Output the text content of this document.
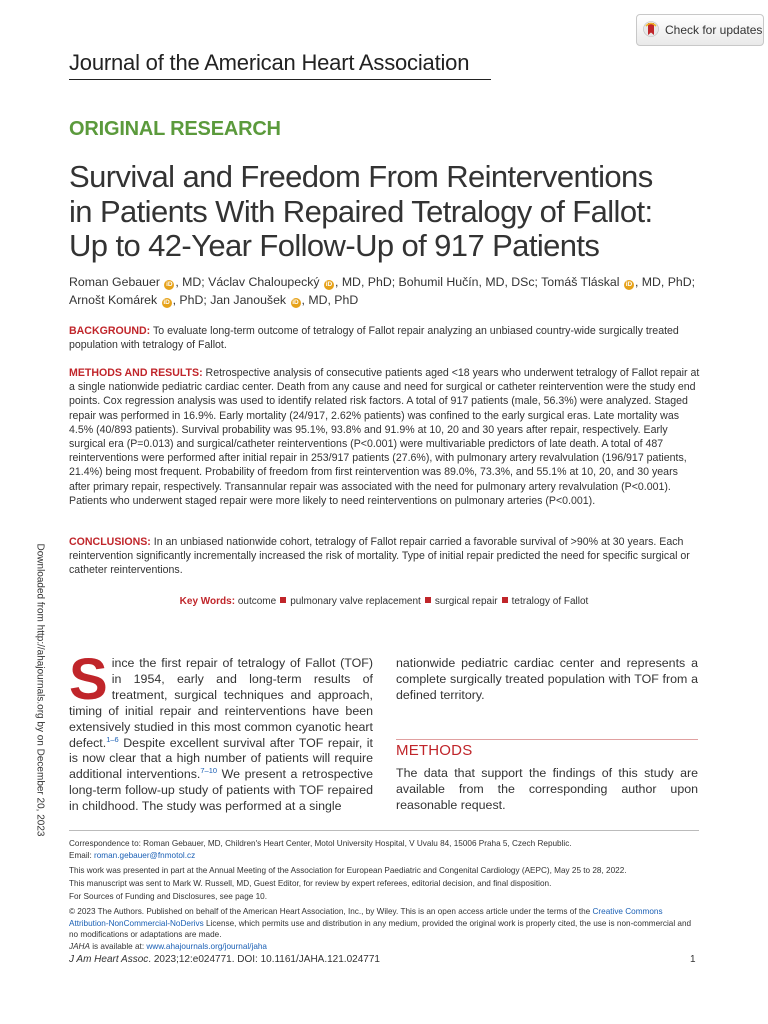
Check for updates
Journal of the American Heart Association
ORIGINAL RESEARCH
Survival and Freedom From Reinterventions
in Patients With Repaired Tetralogy of Fallot:
Up to 42-Year Follow-Up of 917 Patients
Roman Gebauer iD , MD; Václav Chaloupecký iD , MD, PhD; Bohumil Hučín, MD, DSc; Tomáš Tláskal iD , MD, PhD;
Arnošt Komárek iD , PhD; Jan Janoušek iD , MD, PhD
BACKGROUND: To evaluate long-term outcome of tetralogy of Fallot repair analyzing an unbiased country-wide surgically treated population with tetralogy of Fallot.
METHODS AND RESULTS: Retrospective analysis of consecutive patients aged <18 years who underwent tetralogy of Fallot repair at a single nationwide pediatric cardiac center. Death from any cause and need for surgical or catheter reintervention were the study end points. Cox regression analysis was used to identify related risk factors. A total of 917 patients (male, 56.3%) were analyzed. Staged repair was performed in 16.9%. Early mortality (24/917, 2.62% patients) was confined to the early surgical eras. Late mortality was 4.5% (40/893 patients). Survival probability was 95.1%, 93.8% and 91.9% at 10, 20 and 30 years after repair, respectively. Early surgical era (P=0.013) and surgical/catheter reinterventions (P<0.001) were multivariable predictors of late death. A total of 487 reinterventions were performed after initial repair in 253/917 patients (27.6%), with pulmonary artery revalvulation (196/917 patients, 21.4%) being most frequent. Probability of freedom from first reintervention was 89.0%, 73.3%, and 55.1% at 10, 20, and 30 years after primary repair, respectively. Transannular repair was associated with the need for pulmonary artery revalvulation (P<0.001). Patients who underwent staged repair were more likely to need reinterventions on pulmonary arteries (P<0.001).
CONCLUSIONS: In an unbiased nationwide cohort, tetralogy of Fallot repair carried a favorable survival of >90% at 30 years. Each reintervention significantly incrementally increased the risk of mortality. Type of initial repair predicted the need for specific surgical or catheter reinterventions.
Key Words: outcome pulmonary valve replacement surgical repair tetralogy of Fallot
Since the first repair of tetralogy of Fallot (TOF) in 1954, early and long-term results of treatment, surgical techniques and approach, timing of initial repair and reinterventions have been extensively studied in this most common cyanotic heart defect.$^{1-6}$ Despite excellent survival after TOF repair, it is now clear that a high number of patients will require additional interventions.$^{7-10}$ We present a retrospective long-term follow-up study of patients with TOF repaired in childhood. The study was performed at a single
nationwide pediatric cardiac center and represents a complete surgically treated population with TOF from a defined territory.
METHODS
The data that support the findings of this study are available from the corresponding author upon reasonable request.
Correspondence to: Roman Gebauer, MD, Children's Heart Center, Motol University Hospital, V Uvalu 84, 15006 Praha 5, Czech Republic.
Email: roman.gebauer@fnmotol.cz
This work was presented in part at the Annual Meeting of the Association for European Paediatric and Congenital Cardiology (AEPC), May 25 to 28, 2022.
This manuscript was sent to Mark W. Russell, MD, Guest Editor, for review by expert referees, editorial decision, and final disposition.
For Sources of Funding and Disclosures, see page 10.
© 2023 The Authors. Published on behalf of the American Heart Association, Inc., by Wiley. This is an open access article under the terms of the Creative Commons Attribution-NonCommercial-NoDerivs License, which permits use and distribution in any medium, provided the original work is properly cited, the use is non-commercial and no modifications or adaptations are made.
JAHA is available at: www.ahajournals.org/journal/jaha
J Am Heart Assoc. 2023;12:e024771. DOI: 10.1161/JAHA.121.024771	1
Downloaded from http://ahajournals.org by on December 20, 2023
